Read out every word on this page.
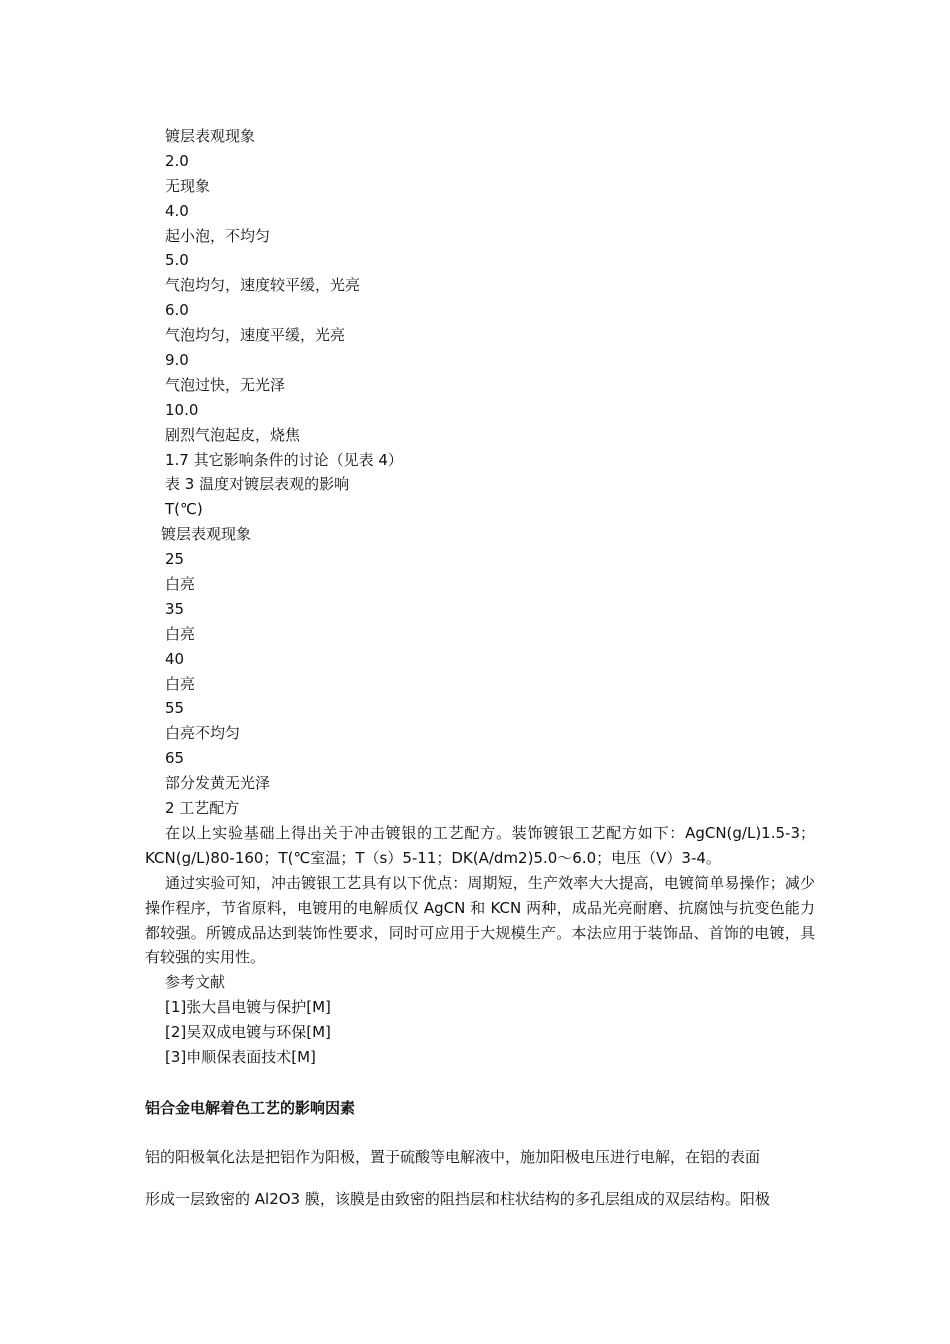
镀层表观现象
2.0
无现象
4.0
起小泡，不均匀
5.0
气泡均匀，速度较平缓，光亮
6.0
气泡均匀，速度平缓，光亮
9.0
气泡过快，无光泽
10.0
剧烈气泡起皮，烧焦
1.7 其它影响条件的讨论（见表 4）
表 3 温度对镀层表观的影响
T(℃)
镀层表观现象
25
白亮
35
白亮
40
白亮
55
白亮不均匀
65
部分发黄无光泽
2 工艺配方

在以上实验基础上得出关于冲击镀银的工艺配方。装饰镀银工艺配方如下：AgCN(g/L)1.5-3；KCN(g/L)80-160；T(℃室温；T（s）5-11；DK(A/dm2)5.0～6.0；电压（V）3-4。

通过实验可知，冲击镀银工艺具有以下优点：周期短，生产效率大大提高，电镀简单易操作；减少操作程序，节省原料，电镀用的电解质仅 AgCN 和 KCN 两种，成品光亮耐磨、抗腐蚀与抗变色能力都较强。所镀成品达到装饰性要求，同时可应用于大规模生产。本法应用于装饰品、首饰的电镀，具有较强的实用性。

参考文献
[1]张大昌电镀与保护[M]
[2]吴双成电镀与环保[M]
[3]申顺保表面技术[M]
铝合金电解着色工艺的影响因素

铝的阳极氧化法是把铝作为阳极，置于硫酸等电解液中，施加阳极电压进行电解，在铝的表面

形成一层致密的 Al2O3 膜，该膜是由致密的阻挡层和柱状结构的多孔层组成的双层结构。阳极
